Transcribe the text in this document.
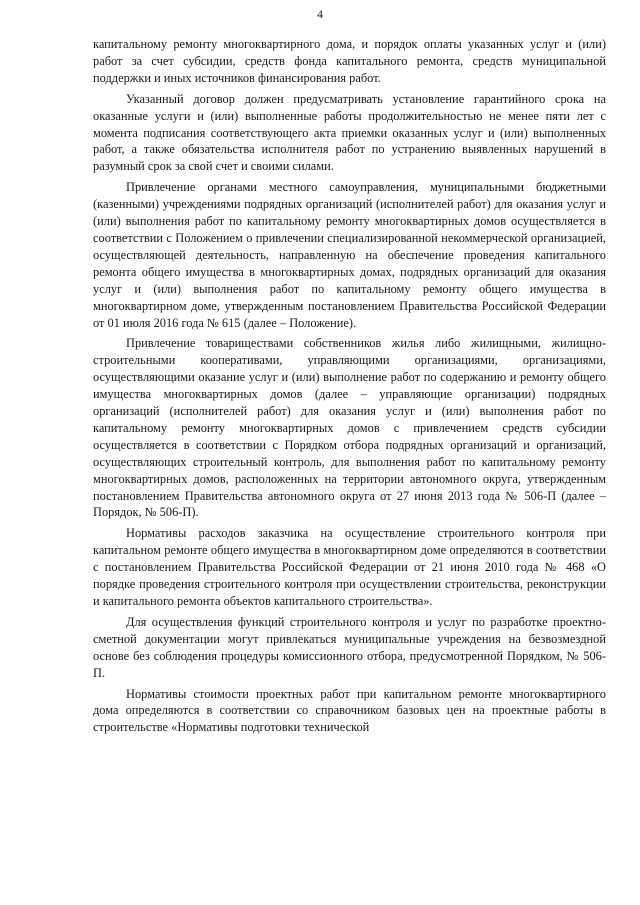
4

капитальному ремонту многоквартирного дома, и порядок оплаты указанных услуг и (или) работ за счет субсидии, средств фонда капитального ремонта, средств муниципальной поддержки и иных источников финансирования работ.

Указанный договор должен предусматривать установление гарантийного срока на оказанные услуги и (или) выполненные работы продолжительностью не менее пяти лет с момента подписания соответствующего акта приемки оказанных услуг и (или) выполненных работ, а также обязательства исполнителя работ по устранению выявленных нарушений в разумный срок за свой счет и своими силами.

Привлечение органами местного самоуправления, муниципальными бюджетными (казенными) учреждениями подрядных организаций (исполнителей работ) для оказания услуг и (или) выполнения работ по капитальному ремонту многоквартирных домов осуществляется в соответствии с Положением о привлечении специализированной некоммерческой организацией, осуществляющей деятельность, направленную на обеспечение проведения капитального ремонта общего имущества в многоквартирных домах, подрядных организаций для оказания услуг и (или) выполнения работ по капитальному ремонту общего имущества в многоквартирном доме, утвержденным постановлением Правительства Российской Федерации от 01 июля 2016 года № 615 (далее – Положение).

Привлечение товариществами собственников жилья либо жилищными, жилищно-строительными кооперативами, управляющими организациями, организациями, осуществляющими оказание услуг и (или) выполнение работ по содержанию и ремонту общего имущества многоквартирных домов (далее – управляющие организации) подрядных организаций (исполнителей работ) для оказания услуг и (или) выполнения работ по капитальному ремонту многоквартирных домов с привлечением средств субсидии осуществляется в соответствии с Порядком отбора подрядных организаций и организаций, осуществляющих строительный контроль, для выполнения работ по капитальному ремонту многоквартирных домов, расположенных на территории автономного округа, утвержденным постановлением Правительства автономного округа от 27 июня 2013 года № 506-П (далее – Порядок, № 506-П).

Нормативы расходов заказчика на осуществление строительного контроля при капитальном ремонте общего имущества в многоквартирном доме определяются в соответствии с постановлением Правительства Российской Федерации от 21 июня 2010 года № 468 «О порядке проведения строительного контроля при осуществлении строительства, реконструкции и капитального ремонта объектов капитального строительства».

Для осуществления функций строительного контроля и услуг по разработке проектно-сметной документации могут привлекаться муниципальные учреждения на безвозмездной основе без соблюдения процедуры комиссионного отбора, предусмотренной Порядком, № 506-П.

Нормативы стоимости проектных работ при капитальном ремонте многоквартирного дома определяются в соответствии со справочником базовых цен на проектные работы в строительстве «Нормативы подготовки технической
